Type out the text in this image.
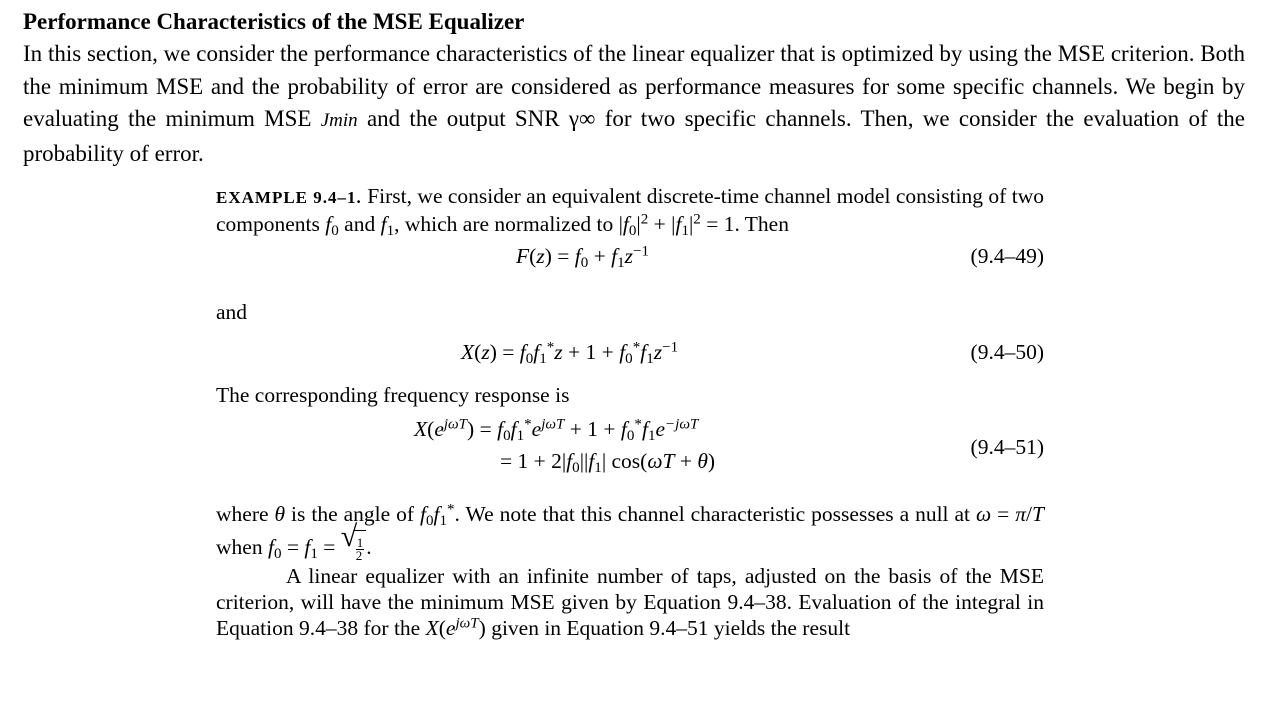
Performance Characteristics of the MSE Equalizer
In this section, we consider the performance characteristics of the linear equalizer that is optimized by using the MSE criterion. Both the minimum MSE and the probability of error are considered as performance measures for some specific channels. We begin by evaluating the minimum MSE Jmin and the output SNR γ∞ for two specific channels. Then, we consider the evaluation of the probability of error.

EXAMPLE 9.4–1. First, we consider an equivalent discrete-time channel model consisting of two components $f_0$ and $f_1$, which are normalized to $|f_0|^2 + |f_1|^2 = 1$. Then

$F(z) = f_0 + f_1z^{-1}$	(9.4–49)

and

$X(z) = f_0f_1^*z + 1 + f_0^*f_1z^{-1}$	(9.4–50)

The corresponding frequency response is

$X(e^{j\omega T}) = f_0f_1^*e^{j\omega T} + 1 + f_0^*f_1e^{-j\omega T}$
= $1 + 2|f_0||f_1|$ cos(ωT + θ)
(9.4–51)

where θ is the angle of $f_0f_1^*$. We note that this channel characteristic possesses a null at ω = π/T when $f_0 = f_1$ = √
$\frac{1}{2}$ .

A linear equalizer with an infinite number of taps, adjusted on the basis of the MSE criterion, will have the minimum MSE given by Equation 9.4–38. Evaluation of the integral in Equation 9.4–38 for the $X(e^{j\omega T})$ given in Equation 9.4–51 yields the result
